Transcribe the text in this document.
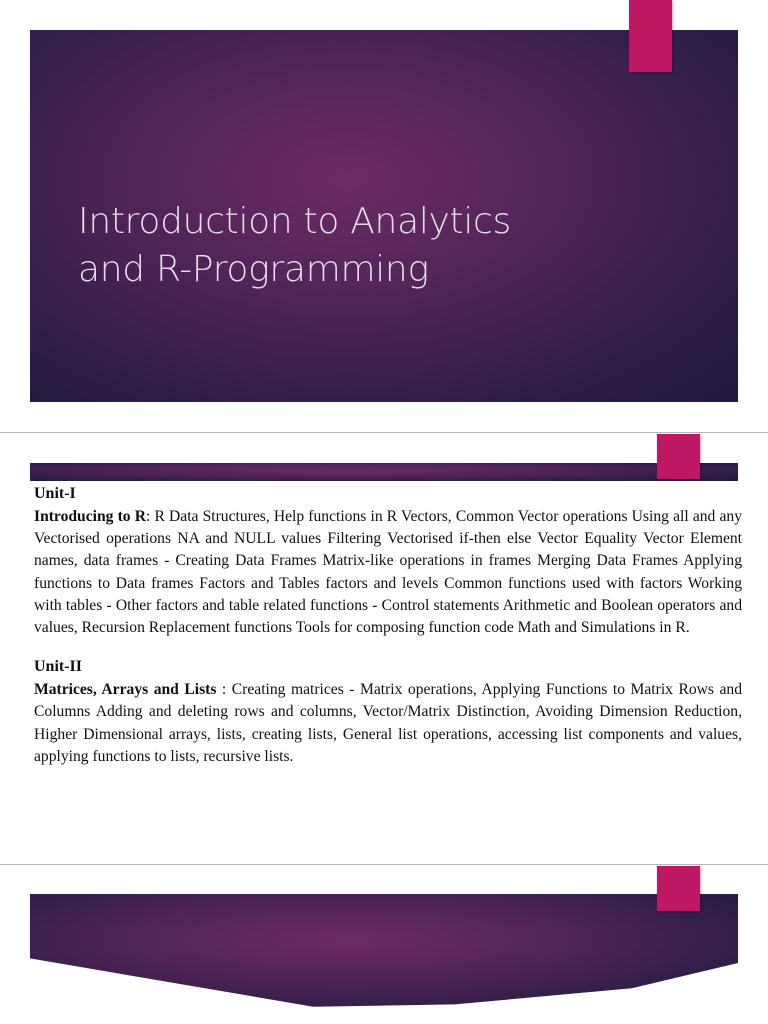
Introduction to Analytics
and R-Programming
Unit-I

Introducing to R: R Data Structures, Help functions in R Vectors, Common Vector operations Using all and any Vectorised operations NA and NULL values Filtering Vectorised if-then else Vector Equality Vector Element names, data frames - Creating Data Frames Matrix-like operations in frames Merging Data Frames Applying functions to Data frames Factors and Tables factors and levels Common functions used with factors Working with tables - Other factors and table related functions - Control statements Arithmetic and Boolean operators and values, Recursion Replacement functions Tools for composing function code Math and Simulations in R.

Unit-II

Matrices, Arrays and Lists : Creating matrices - Matrix operations, Applying Functions to Matrix Rows and Columns Adding and deleting rows and columns, Vector/Matrix Distinction, Avoiding Dimension Reduction, Higher Dimensional arrays, lists, creating lists, General list operations, accessing list components and values, applying functions to lists, recursive lists.
